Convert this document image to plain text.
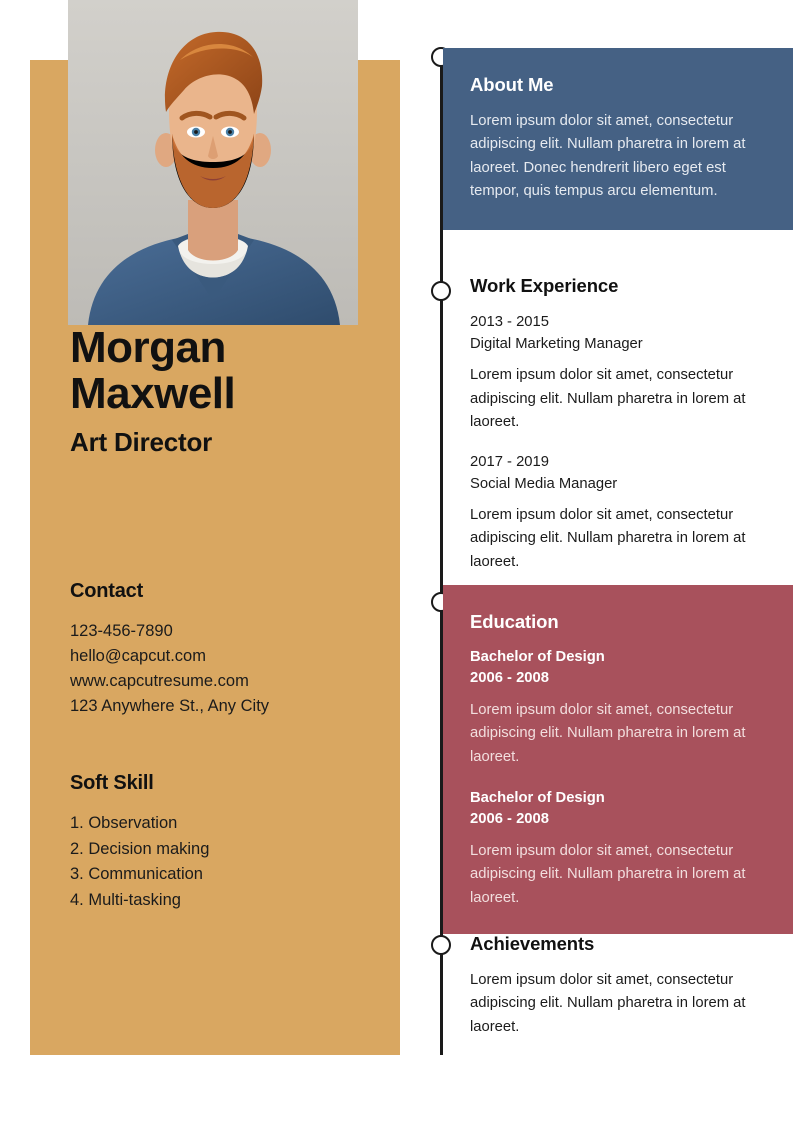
Morgan
Maxwell
Art Director
Contact
123-456-7890
hello@capcut.com
www.capcutresume.com
123 Anywhere St., Any City
Soft Skill
1. Observation
2. Decision making
3. Communication
4. Multi-tasking
About Me

Lorem ipsum dolor sit amet, consectetur adipiscing elit. Nullam pharetra in lorem at laoreet. Donec hendrerit libero eget est tempor, quis tempus arcu elementum.

Work Experience

2013 - 2015
Digital Marketing Manager

Lorem ipsum dolor sit amet, consectetur adipiscing elit. Nullam pharetra in lorem at laoreet.

2017 - 2019
Social Media Manager

Lorem ipsum dolor sit amet, consectetur adipiscing elit. Nullam pharetra in lorem at laoreet.

Education

Bachelor of Design

2006 - 2008

Lorem ipsum dolor sit amet, consectetur adipiscing elit. Nullam pharetra in lorem at laoreet.

Bachelor of Design

2006 - 2008

Lorem ipsum dolor sit amet, consectetur adipiscing elit. Nullam pharetra in lorem at laoreet.

Achievements

Lorem ipsum dolor sit amet, consectetur adipiscing elit. Nullam pharetra in lorem at laoreet.
